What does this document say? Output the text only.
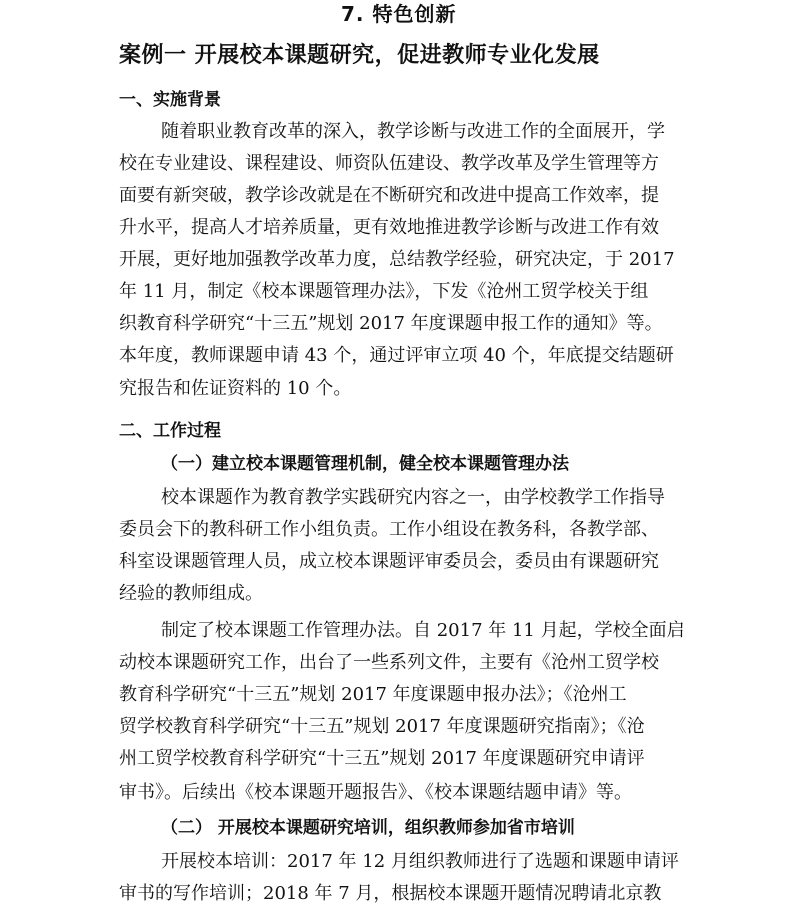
7. 特色创新
案例一 开展校本课题研究，促进教师专业化发展
一、实施背景
随着职业教育改革的深入，教学诊断与改进工作的全面展开，学
校在专业建设、课程建设、师资队伍建设、教学改革及学生管理等方
面要有新突破，教学诊改就是在不断研究和改进中提高工作效率，提
升水平，提高人才培养质量，更有效地推进教学诊断与改进工作有效
开展，更好地加强教学改革力度，总结教学经验，研究决定，于 2017
年 11 月，制定《校本课题管理办法》，下发《沧州工贸学校关于组
织教育科学研究“十三五”规划 2017 年度课题申报工作的通知》等。
本年度，教师课题申请 43 个，通过评审立项 40 个，年底提交结题研
究报告和佐证资料的 10 个。
二、工作过程
（一）建立校本课题管理机制，健全校本课题管理办法
校本课题作为教育教学实践研究内容之一，由学校教学工作指导
委员会下的教科研工作小组负责。工作小组设在教务科，各教学部、
科室设课题管理人员，成立校本课题评审委员会，委员由有课题研究
经验的教师组成。
制定了校本课题工作管理办法。自 2017 年 11 月起，学校全面启
动校本课题研究工作，出台了一些系列文件，主要有《沧州工贸学校
教育科学研究“十三五”规划 2017 年度课题申报办法》；《沧州工
贸学校教育科学研究“十三五”规划 2017 年度课题研究指南》；《沧
州工贸学校教育科学研究“十三五”规划 2017 年度课题研究申请评
审书》。后续出《校本课题开题报告》、《校本课题结题申请》等。
（二） 开展校本课题研究培训，组织教师参加省市培训
开展校本培训：2017 年 12 月组织教师进行了选题和课题申请评
审书的写作培训；2018 年 7 月，根据校本课题开题情况聘请北京教
